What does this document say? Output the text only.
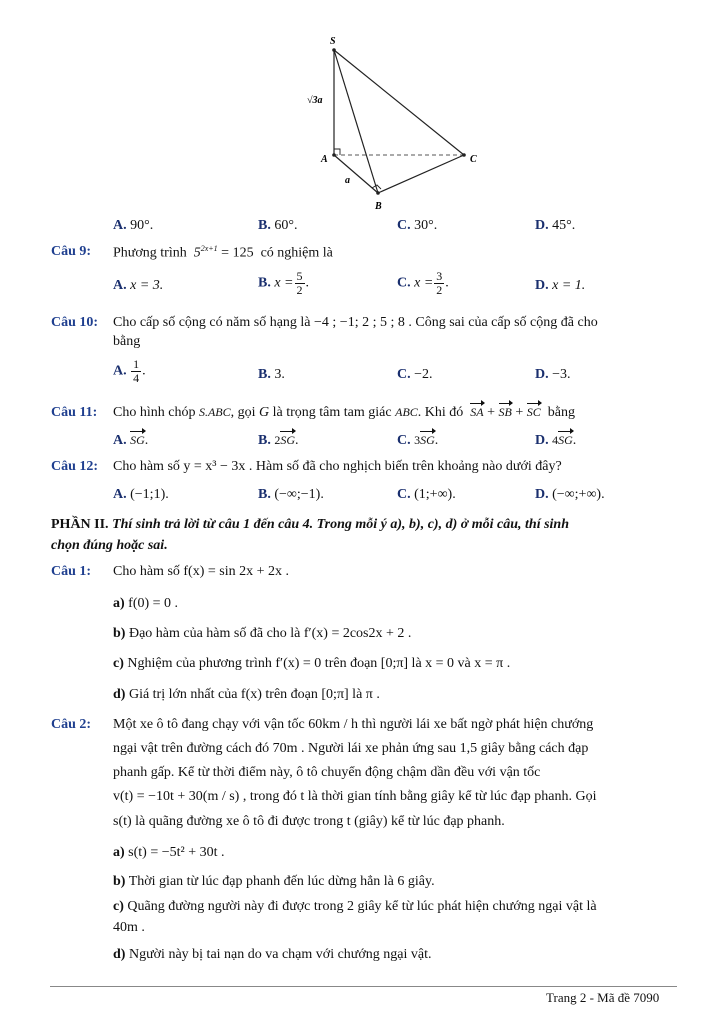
S
A
B
C
√3a
a
A. 90°.	B. 60°.	C. 30°.	D. 45°.
Câu 9: Phương trình $5^{2x+1} = 125$ có nghiệm là
A. x = 3.	B. $x = \frac{5}{2}$ .	C. $x = \frac{3}{2}$ .	D. x = 1.
Câu 10: Cho cấp số cộng có năm số hạng là −4 ; −1; 2 ; 5 ; 8 . Công sai của cấp số cộng đã cho
bằng
A. $\frac{1}{4}$ .	B. 3.	C. −2.	D. −3.
Câu 11: Cho hình chóp S.ABC, gọi G là trọng tâm tam giác ABC. Khi đó SA + SB + SC bằng
A. SG.	B. 2SG.	C. 3SG.	D. 4SG.
Câu 12: Cho hàm số y = x³ − 3x . Hàm số đã cho nghịch biến trên khoảng nào dưới đây?
A. (−1;1).	B. (−∞;−1).	C. (1;+∞).	D. (−∞;+∞).
PHẦN II. Thí sinh trả lời từ câu 1 đến câu 4. Trong mỗi ý a), b), c), d) ở mỗi câu, thí sinh
chọn đúng hoặc sai.
Câu 1: Cho hàm số f(x) = sin 2x + 2x .
a) f(0) = 0 .
b) Đạo hàm của hàm số đã cho là f′(x) = 2cos2x + 2 .
c) Nghiệm của phương trình f′(x) = 0 trên đoạn [0;π] là x = 0 và x = π .
d) Giá trị lớn nhất của f(x) trên đoạn [0;π] là π .
Câu 2: Một xe ô tô đang chạy với vận tốc 60km / h thì người lái xe bất ngờ phát hiện chướng
ngại vật trên đường cách đó 70m . Người lái xe phản ứng sau 1,5 giây bằng cách đạp
phanh gấp. Kể từ thời điểm này, ô tô chuyển động chậm dần đều với vận tốc
v(t) = −10t + 30(m / s) , trong đó t là thời gian tính bằng giây kể từ lúc đạp phanh. Gọi
s(t) là quãng đường xe ô tô đi được trong t (giây) kể từ lúc đạp phanh.
a) s(t) = −5t² + 30t .
b) Thời gian từ lúc đạp phanh đến lúc dừng hẳn là 6 giây.
c) Quãng đường người này đi được trong 2 giây kể từ lúc phát hiện chướng ngại vật là
40m .
d) Người này bị tai nạn do va chạm với chướng ngại vật.
Trang 2 - Mã đề 7090
